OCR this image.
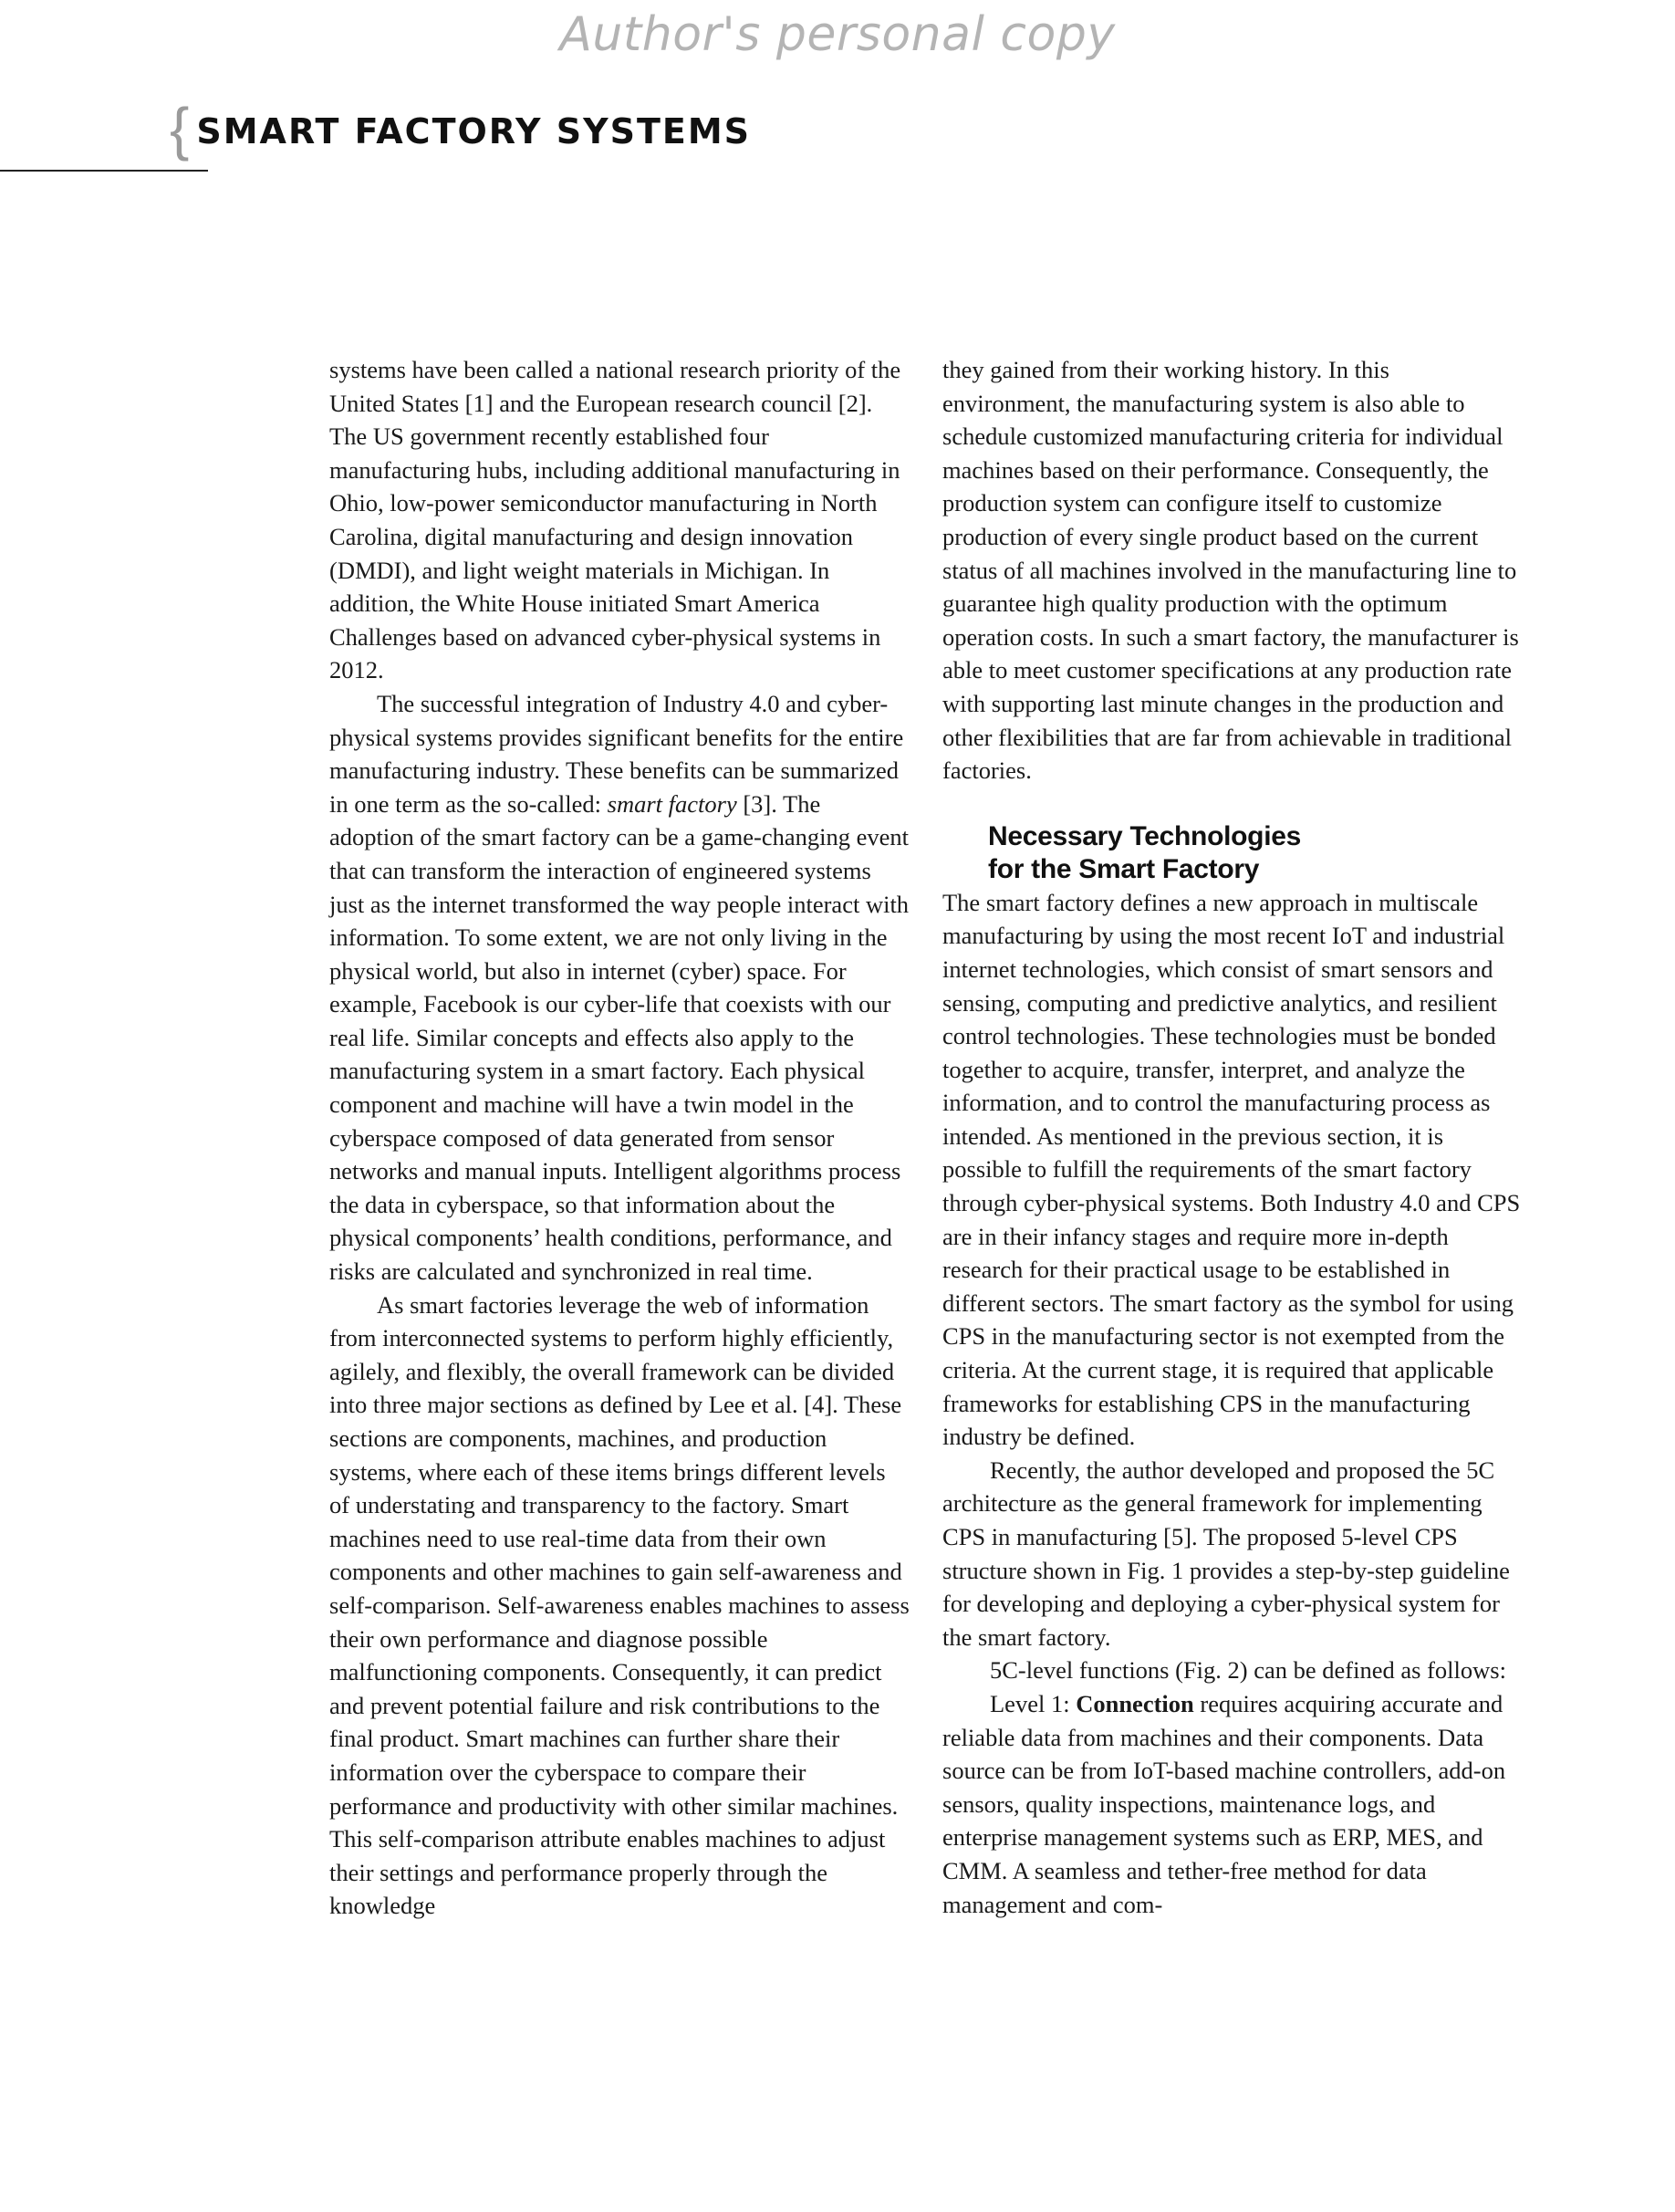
Author's personal copy
{ SMART FACTORY SYSTEMS

systems have been called a national research priority of the United States [1] and the European research council [2]. The US government recently established four manufacturing hubs, including additional manufacturing in Ohio, low-power semiconductor manufacturing in North Carolina, digital manufacturing and design innovation (DMDI), and light weight materials in Michigan. In addition, the White House initiated Smart America Challenges based on advanced cyber-physical systems in 2012.

The successful integration of Industry 4.0 and cyber-physical systems provides significant benefits for the entire manufacturing industry. These benefits can be summarized in one term as the so-called: smart factory [3]. The adoption of the smart factory can be a game-changing event that can transform the interaction of engineered systems just as the internet transformed the way people interact with information. To some extent, we are not only living in the physical world, but also in internet (cyber) space. For example, Facebook is our cyber-life that coexists with our real life. Similar concepts and effects also apply to the manufacturing system in a smart factory. Each physical component and machine will have a twin model in the cyberspace composed of data generated from sensor networks and manual inputs. Intelligent algorithms process the data in cyberspace, so that information about the physical components’ health conditions, performance, and risks are calculated and synchronized in real time.

As smart factories leverage the web of information from interconnected systems to perform highly efficiently, agilely, and flexibly, the overall framework can be divided into three major sections as defined by Lee et al. [4]. These sections are components, machines, and production systems, where each of these items brings different levels of understating and transparency to the factory. Smart machines need to use real-time data from their own components and other machines to gain self-awareness and self-comparison. Self-awareness enables machines to assess their own performance and diagnose possible malfunctioning components. Consequently, it can predict and prevent potential failure and risk contributions to the final product. Smart machines can further share their information over the cyberspace to compare their performance and productivity with other similar machines. This self-comparison attribute enables machines to adjust their settings and performance properly through the knowledge

they gained from their working history. In this environment, the manufacturing system is also able to schedule customized manufacturing criteria for individual machines based on their performance. Consequently, the production system can configure itself to customize production of every single product based on the current status of all machines involved in the manufacturing line to guarantee high quality production with the optimum operation costs. In such a smart factory, the manufacturer is able to meet customer specifications at any production rate with supporting last minute changes in the production and other flexibilities that are far from achievable in traditional factories.

Necessary Technologies
for the Smart Factory

The smart factory defines a new approach in multiscale manufacturing by using the most recent IoT and industrial internet technologies, which consist of smart sensors and sensing, computing and predictive analytics, and resilient control technologies. These technologies must be bonded together to acquire, transfer, interpret, and analyze the information, and to control the manufacturing process as intended. As mentioned in the previous section, it is possible to fulfill the requirements of the smart factory through cyber-physical systems. Both Industry 4.0 and CPS are in their infancy stages and require more in-depth research for their practical usage to be established in different sectors. The smart factory as the symbol for using CPS in the manufacturing sector is not exempted from the criteria. At the current stage, it is required that applicable frameworks for establishing CPS in the manufacturing industry be defined.

Recently, the author developed and proposed the 5C architecture as the general framework for implementing CPS in manufacturing [5]. The proposed 5-level CPS structure shown in Fig. 1 provides a step-by-step guideline for developing and deploying a cyber-physical system for the smart factory.

5C-level functions (Fig. 2) can be defined as follows:

Level 1: Connection requires acquiring accurate and reliable data from machines and their components. Data source can be from IoT-based machine controllers, add-on sensors, quality inspections, maintenance logs, and enterprise management systems such as ERP, MES, and CMM. A seamless and tether-free method for data management and com-
